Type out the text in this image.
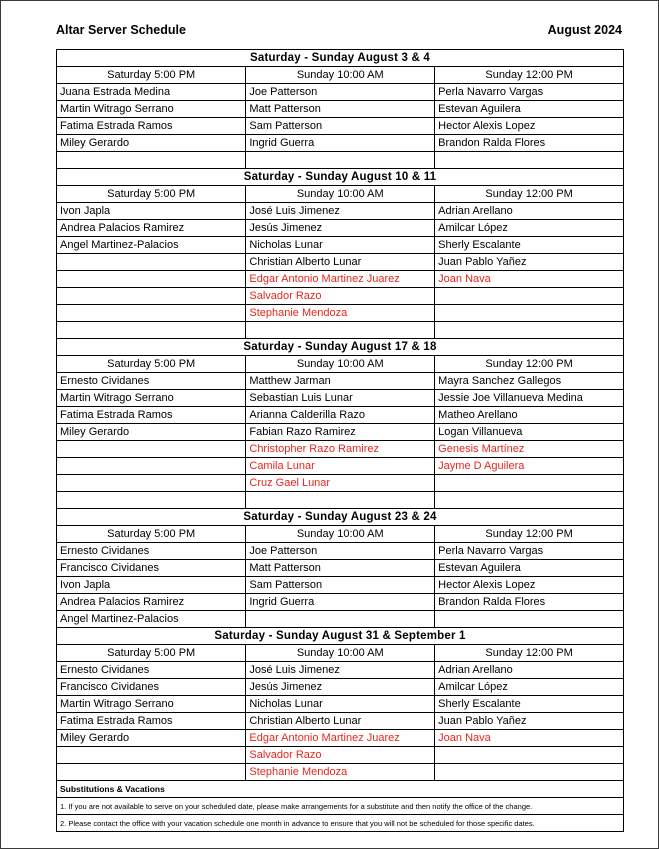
Altar Server Schedule	August 2024
Saturday - Sunday August 3 & 4		
Saturday 5:00 PM	Sunday 10:00 AM	Sunday 12:00 PM
Juana Estrada Medina	Joe Patterson	Perla Navarro Vargas
Martin Witrago Serrano	Matt Patterson	Estevan Aguilera
Fatima Estrada Ramos	Sam Patterson	Hector Alexis Lopez
Miley Gerardo	Ingrid Guerra	Brandon Ralda Flores

Saturday - Sunday August 10 & 11		
Saturday 5:00 PM	Sunday 10:00 AM	Sunday 12:00 PM
Ivon Japla	José Luis Jimenez	Adrian Arellano
Andrea Palacios Ramirez	Jesús Jimenez	Amilcar López
Angel Martinez-Palacios	Nicholas Lunar	Sherly Escalante
	Christian Alberto Lunar	Juan Pablo Yañez
	Edgar Antonio Martinez Juarez	Joan Nava
	Salvador Razo	
	Stephanie Mendoza	

Saturday - Sunday August 17 & 18		
Saturday 5:00 PM	Sunday 10:00 AM	Sunday 12:00 PM
Ernesto Cividanes	Matthew Jarman	Mayra Sanchez Gallegos
Martin Witrago Serrano	Sebastian Luis Lunar	Jessie Joe Villanueva Medina
Fatima Estrada Ramos	Arianna Calderilla Razo	Matheo Arellano
Miley Gerardo	Fabian Razo Ramirez	Logan Villanueva
	Christopher Razo Ramirez	Genesis Martínez
	Camila Lunar	Jayme D Aguilera
	Cruz Gael Lunar	

Saturday - Sunday August 23 & 24		
Saturday 5:00 PM	Sunday 10:00 AM	Sunday 12:00 PM
Ernesto Cividanes	Joe Patterson	Perla Navarro Vargas
Francisco Cividanes	Matt Patterson	Estevan Aguilera
Ivon Japla	Sam Patterson	Hector Alexis Lopez
Andrea Palacios Ramirez	Ingrid Guerra	Brandon Ralda Flores
Angel Martinez-Palacios		
Saturday - Sunday August 31 & September 1		
Saturday 5:00 PM	Sunday 10:00 AM	Sunday 12:00 PM
Ernesto Cividanes	José Luis Jimenez	Adrian Arellano
Francisco Cividanes	Jesús Jimenez	Amilcar López
Martin Witrago Serrano	Nicholas Lunar	Sherly Escalante
Fatima Estrada Ramos	Christian Alberto Lunar	Juan Pablo Yañez
Miley Gerardo	Edgar Antonio Martinez Juarez	Joan Nava
	Salvador Razo	
	Stephanie Mendoza	
Substitutions & Vacations		
1. If you are not available to serve on your scheduled date, please make arrangements for a substitute and then notify the office of the change.		
2. Please contact the office with your vacation schedule one month in advance to ensure that you will not be scheduled for those specific dates.		
